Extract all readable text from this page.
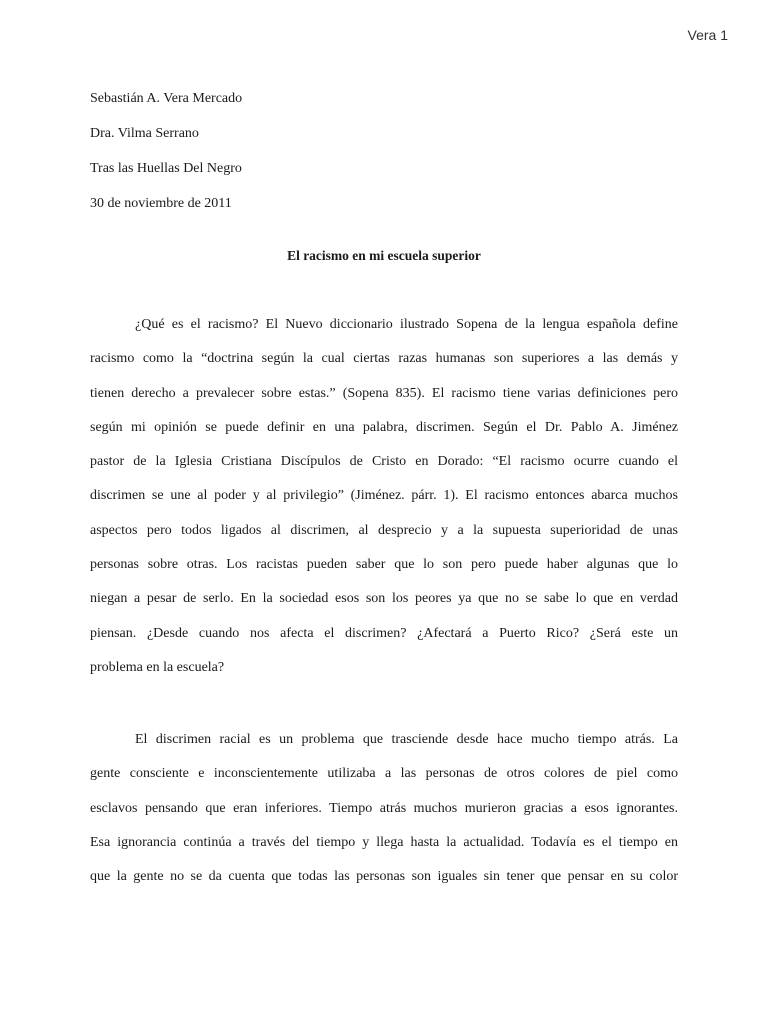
Vera 1
Sebastián A. Vera Mercado
Dra. Vilma Serrano
Tras las Huellas Del Negro
30 de noviembre de 2011
El racismo en mi escuela superior
¿Qué es el racismo? El Nuevo diccionario ilustrado Sopena de la lengua española define
racismo como la “doctrina según la cual ciertas razas humanas son superiores a las demás y
tienen derecho a prevalecer sobre estas.” (Sopena 835). El racismo tiene varias definiciones pero
según mi opinión se puede definir en una palabra, discrimen. Según el Dr. Pablo A. Jiménez
pastor de la Iglesia Cristiana Discípulos de Cristo en Dorado: “El racismo ocurre cuando el
discrimen se une al poder y al privilegio” (Jiménez. párr. 1). El racismo entonces abarca muchos
aspectos pero todos ligados al discrimen, al desprecio y a la supuesta superioridad de unas
personas sobre otras. Los racistas pueden saber que lo son pero puede haber algunas que lo
niegan a pesar de serlo. En la sociedad esos son los peores ya que no se sabe lo que en verdad
piensan. ¿Desde cuando nos afecta el discrimen? ¿Afectará a Puerto Rico? ¿Será este un
problema en la escuela?
El discrimen racial es un problema que trasciende desde hace mucho tiempo atrás. La
gente consciente e inconscientemente utilizaba a las personas de otros colores de piel como
esclavos pensando que eran inferiores. Tiempo atrás muchos murieron gracias a esos ignorantes.
Esa ignorancia continúa a través del tiempo y llega hasta la actualidad. Todavía es el tiempo en
que la gente no se da cuenta que todas las personas son iguales sin tener que pensar en su color
